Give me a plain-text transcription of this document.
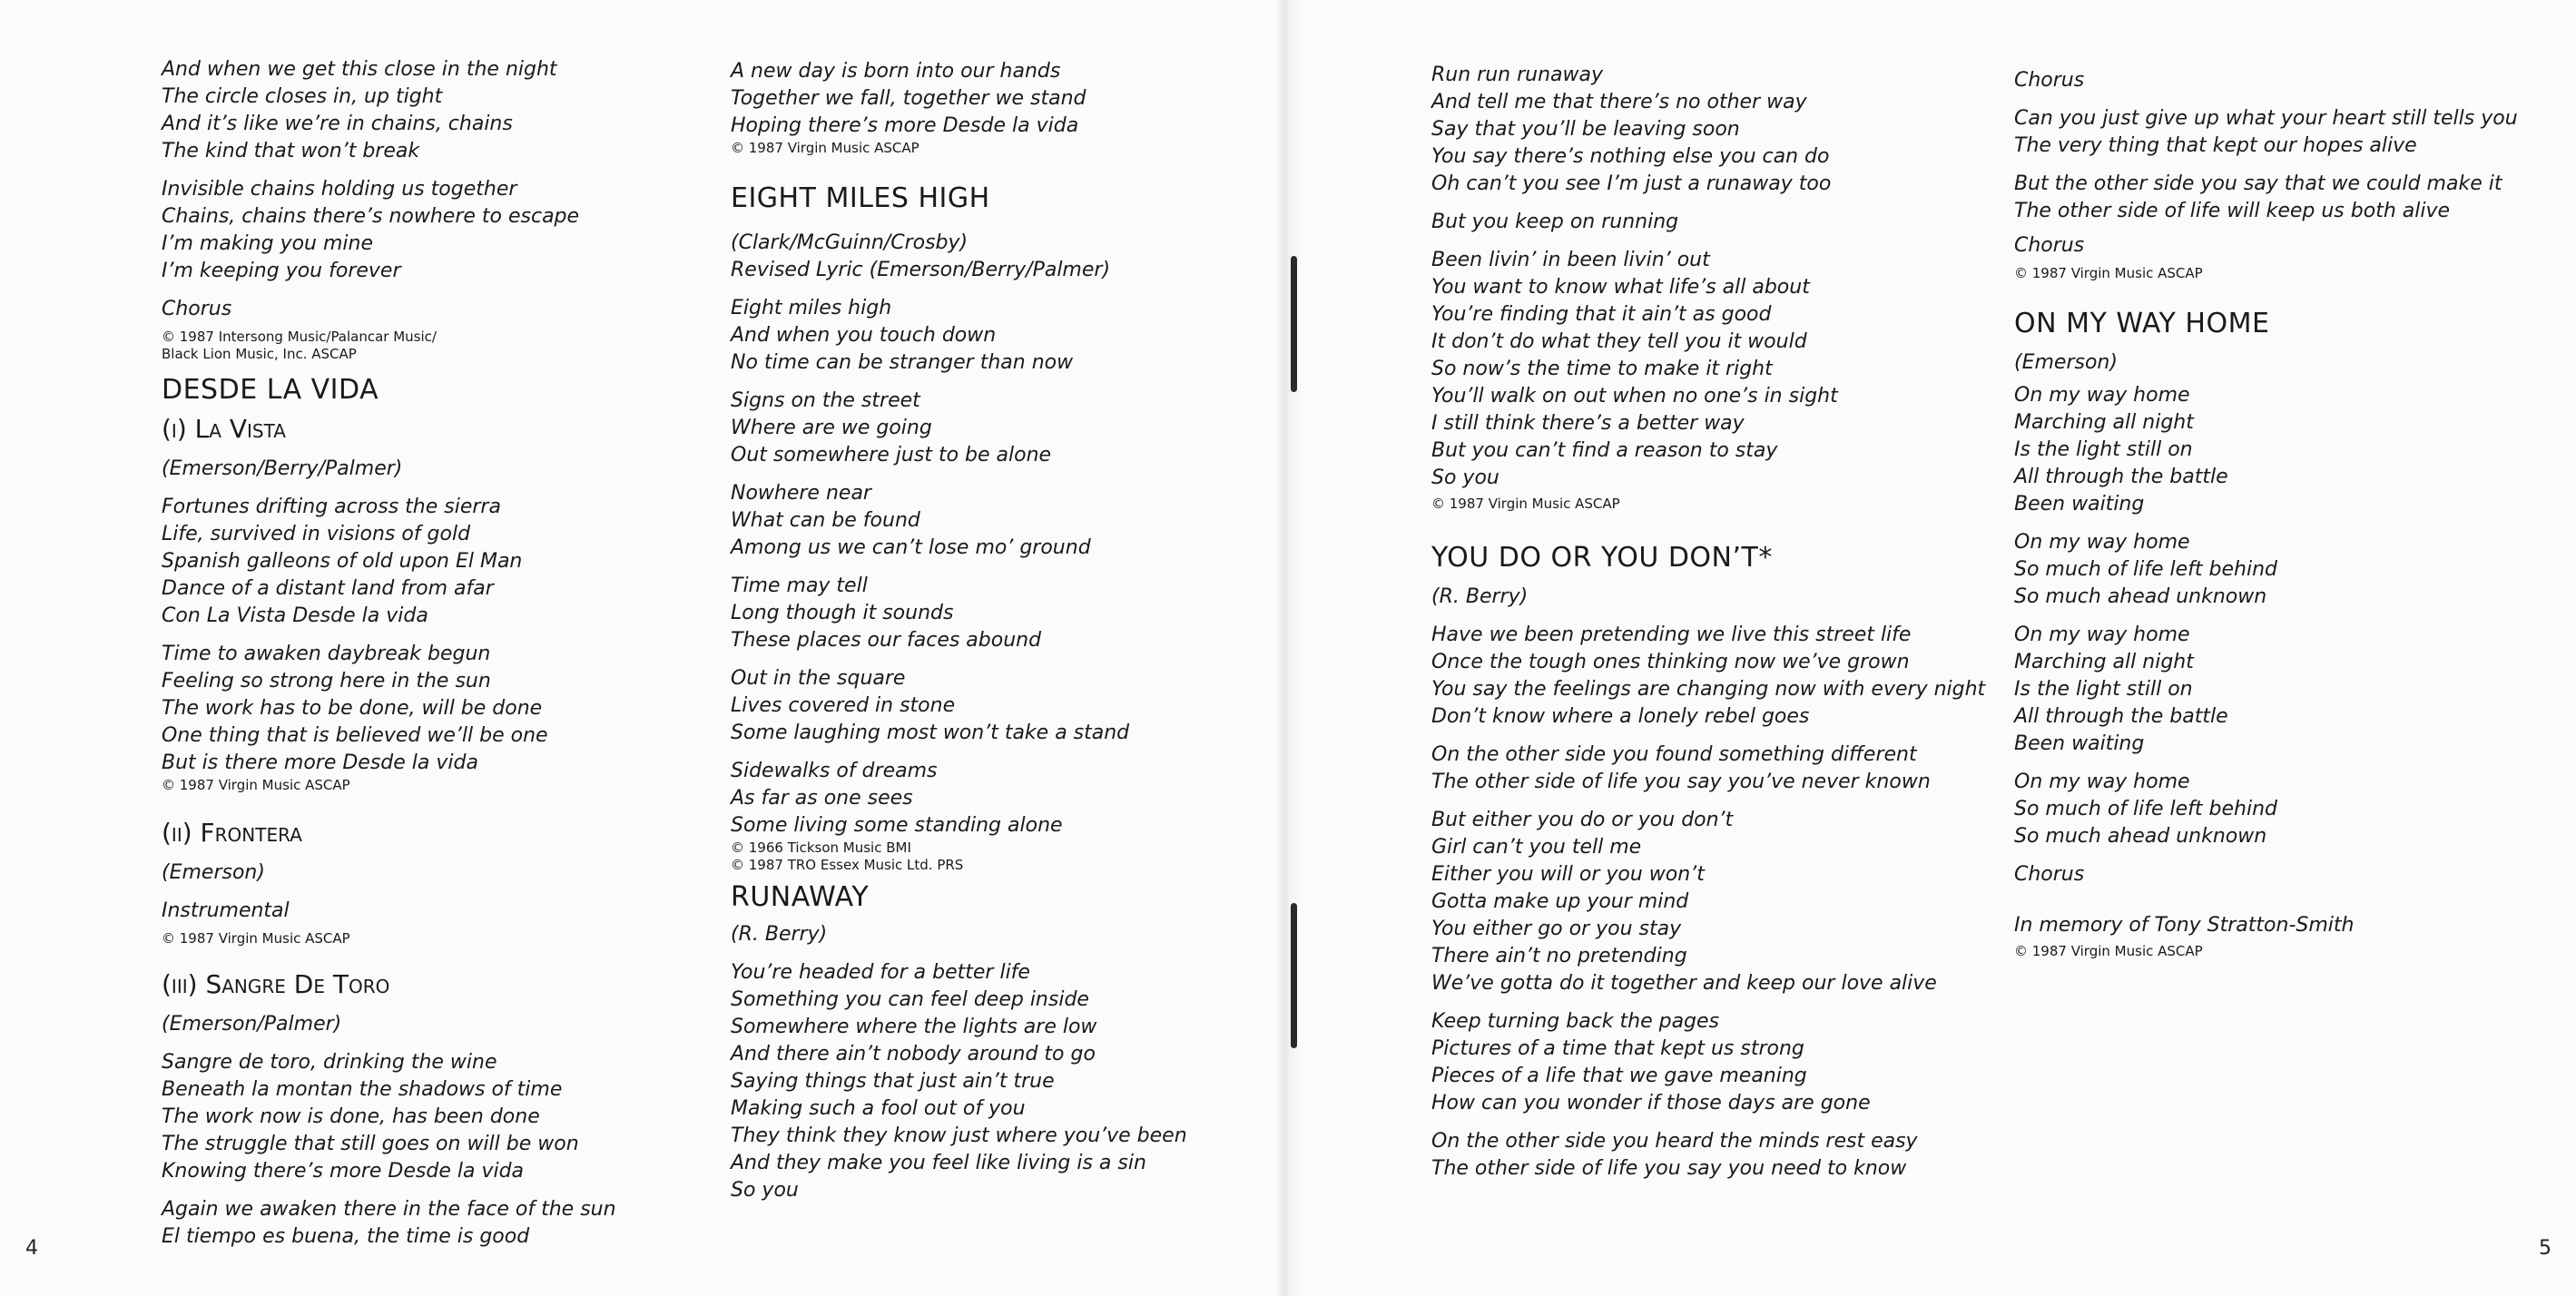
And when we get this close in the night
The circle closes in, up tight
And it’s like we’re in chains, chains
The kind that won’t break
Invisible chains holding us together
Chains, chains there’s nowhere to escape
I’m making you mine
I’m keeping you forever
Chorus
© 1987 Intersong Music/Palancar Music/
Black Lion Music, Inc. ASCAP
DESDE LA VIDA
(i) La Vista
(Emerson/Berry/Palmer)
Fortunes drifting across the sierra
Life, survived in visions of gold
Spanish galleons of old upon El Man
Dance of a distant land from afar
Con La Vista Desde la vida
Time to awaken daybreak begun
Feeling so strong here in the sun
The work has to be done, will be done
One thing that is believed we’ll be one
But is there more Desde la vida
© 1987 Virgin Music ASCAP
(ii) Frontera
(Emerson)
Instrumental
© 1987 Virgin Music ASCAP
(iii) Sangre De Toro
(Emerson/Palmer)
Sangre de toro, drinking the wine
Beneath la montan the shadows of time
The work now is done, has been done
The struggle that still goes on will be won
Knowing there’s more Desde la vida
Again we awaken there in the face of the sun
El tiempo es buena, the time is good
A new day is born into our hands
Together we fall, together we stand
Hoping there’s more Desde la vida
© 1987 Virgin Music ASCAP
EIGHT MILES HIGH
(Clark/McGuinn/Crosby)
Revised Lyric (Emerson/Berry/Palmer)
Eight miles high
And when you touch down
No time can be stranger than now
Signs on the street
Where are we going
Out somewhere just to be alone
Nowhere near
What can be found
Among us we can’t lose mo’ ground
Time may tell
Long though it sounds
These places our faces abound
Out in the square
Lives covered in stone
Some laughing most won’t take a stand
Sidewalks of dreams
As far as one sees
Some living some standing alone
© 1966 Tickson Music BMI
© 1987 TRO Essex Music Ltd. PRS
RUNAWAY
(R. Berry)
You’re headed for a better life
Something you can feel deep inside
Somewhere where the lights are low
And there ain’t nobody around to go
Saying things that just ain’t true
Making such a fool out of you
They think they know just where you’ve been
And they make you feel like living is a sin
So you
Run run runaway
And tell me that there’s no other way
Say that you’ll be leaving soon
You say there’s nothing else you can do
Oh can’t you see I’m just a runaway too
But you keep on running
Been livin’ in been livin’ out
You want to know what life’s all about
You’re finding that it ain’t as good
It don’t do what they tell you it would
So now’s the time to make it right
You’ll walk on out when no one’s in sight
I still think there’s a better way
But you can’t find a reason to stay
So you
© 1987 Virgin Music ASCAP
YOU DO OR YOU DON’T*
(R. Berry)
Have we been pretending we live this street life
Once the tough ones thinking now we’ve grown
You say the feelings are changing now with every night
Don’t know where a lonely rebel goes
On the other side you found something different
The other side of life you say you’ve never known
But either you do or you don’t
Girl can’t you tell me
Either you will or you won’t
Gotta make up your mind
You either go or you stay
There ain’t no pretending
We’ve gotta do it together and keep our love alive
Keep turning back the pages
Pictures of a time that kept us strong
Pieces of a life that we gave meaning
How can you wonder if those days are gone
On the other side you heard the minds rest easy
The other side of life you say you need to know
Chorus
Can you just give up what your heart still tells you
The very thing that kept our hopes alive
But the other side you say that we could make it
The other side of life will keep us both alive
Chorus
© 1987 Virgin Music ASCAP
ON MY WAY HOME
(Emerson)
On my way home
Marching all night
Is the light still on
All through the battle
Been waiting
On my way home
So much of life left behind
So much ahead unknown
On my way home
Marching all night
Is the light still on
All through the battle
Been waiting
On my way home
So much of life left behind
So much ahead unknown
Chorus
In memory of Tony Stratton-Smith
© 1987 Virgin Music ASCAP
4	5
